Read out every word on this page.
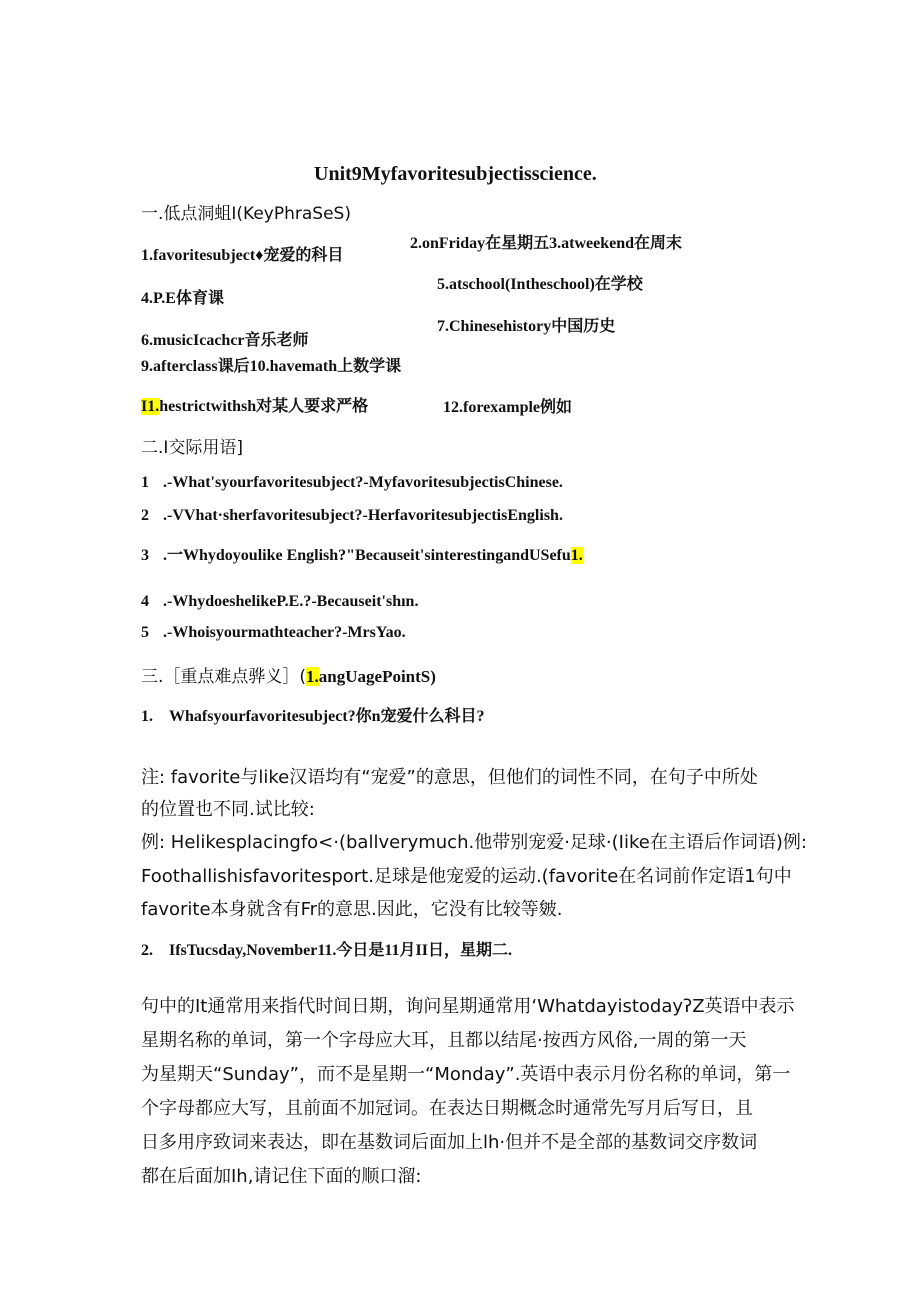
Unit9Myfavoritesubjectisscience.
一.低点洞蛆I(KeyPhraSeS)
1.favoritesubject♦宠爱的科目
2.onFriday在星期五3.atweekend在周末
4.P.E体育课
5.atschool(Intheschool)在学校
6.musicIcachcr音乐老师
7.Chinesehistory中国历史
9.afterclass课后10.havemath上数学课
I1.hestrictwithsh对某人要求严格	12.forexample例如
二.I交际用语]
1 .-What'syourfavoritesubject?-MyfavoritesubjectisChinese.
2 .-VVhat·sherfavoritesubject?-HerfavoritesubjectisEnglish.
3 .一Whydoyoulike English?"Becauseit'sinterestingandUSefu1.
4 .-WhydoeshelikeP.E.?-Becauseit'shın.
5 .-Whoisyourmathteacher?-MrsYao.
三.［重点难点骅义］(1.angUagePointS)
1. Whafsyourfavoritesubject?你n宠爱什么科目?
注: favorite与like汉语均有“宠爱”的意思，但他们的词性不同，在句子中所处
的位置也不同.试比较:
例: Helikesplacingfo<·(ballverymuch.他带别宠爱·足球·(Iike在主语后作词语)例:
Foothallishisfavoritesport.足球是他宠爱的运动.(favorite在名词前作定语1句中
favorite本身就含有Fr的意思.因此，它没有比较等皴.
2. IfsTucsday,November11.今日是11月II日，星期二.
句中的It通常用来指代时间日期，询问星期通常用‘WhatdayistodayʔZ英语中表示
星期名称的单词，第一个字母应大耳，且都以结尾·按西方风俗,一周的第一天
为星期天“Sunday”，而不是星期一“Monday”.英语中表示月份名称的单词，第一
个字母都应大写，且前面不加冠词。在表达日期概念时通常先写月后写日，且
日多用序致词来表达，即在基数词后面加上lh·但并不是全部的基数词交序数词
都在后面加Ih,请记住下面的顺口溜:
